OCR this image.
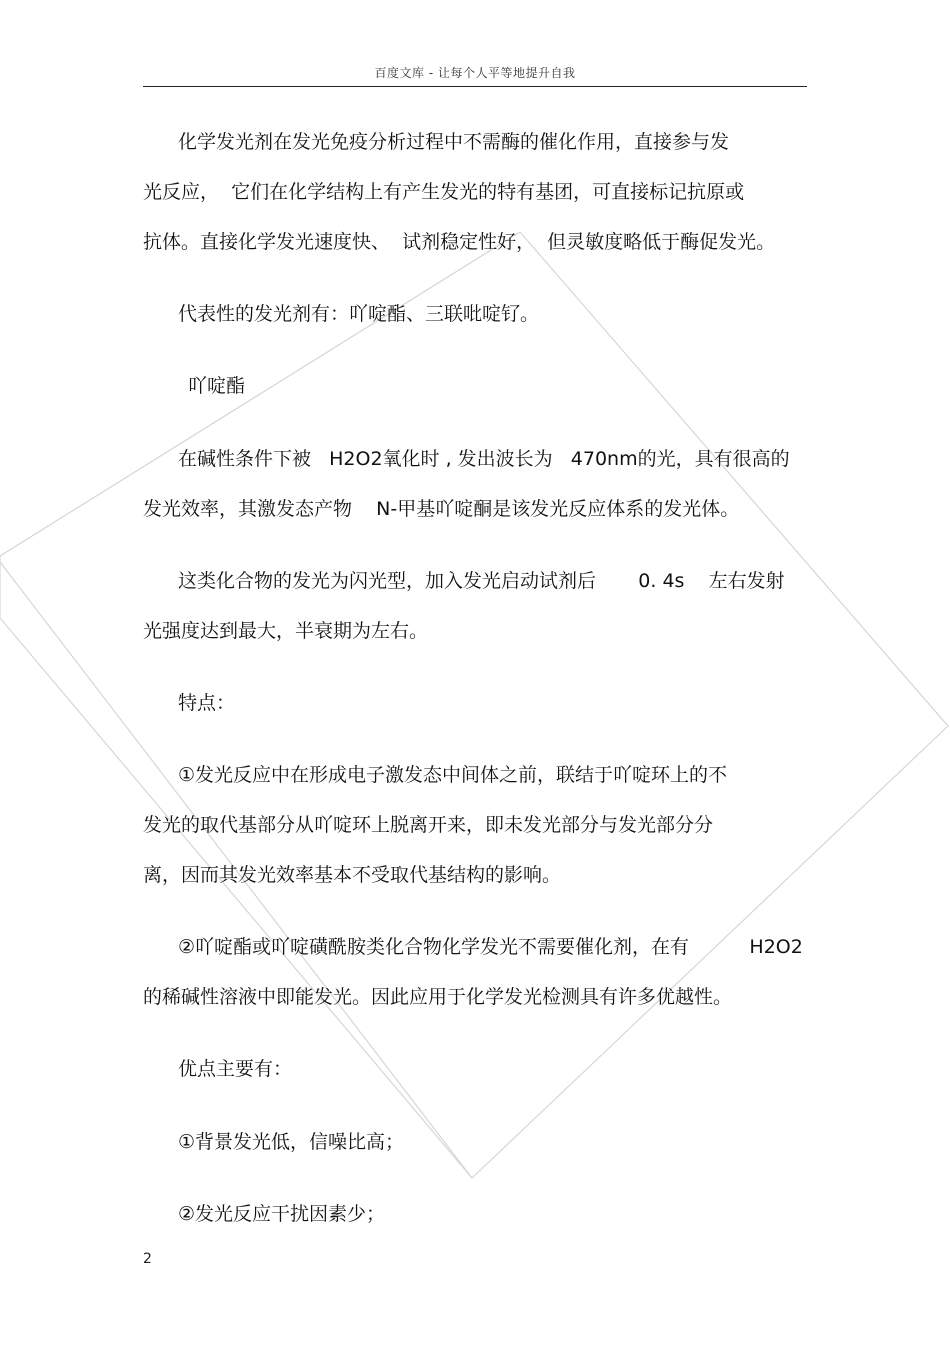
百度文库 - 让每个人平等地提升自我
化学发光剂在发光免疫分析过程中不需酶的催化作用，直接参与发
光反应，  它们在化学结构上有产生发光的特有基团，可直接标记抗原或
抗体。直接化学发光速度快、  试剂稳定性好，  但灵敏度略低于酶促发光。
代表性的发光剂有：吖啶酯、三联吡啶钌。
吖啶酯
在碱性条件下被   H2O2氧化时 , 发出波长为   470nm的光，具有很高的
发光效率，其激发态产物    N-甲基吖啶酮是该发光反应体系的发光体。
这类化合物的发光为闪光型，加入发光启动试剂后       0. 4s    左右发射
光强度达到最大，半衰期为左右。
特点：
①发光反应中在形成电子激发态中间体之前，联结于吖啶环上的不
发光的取代基部分从吖啶环上脱离开来，即未发光部分与发光部分分
离，因而其发光效率基本不受取代基结构的影响。
②吖啶酯或吖啶磺酰胺类化合物化学发光不需要催化剂，在有          H2O2
的稀碱性溶液中即能发光。因此应用于化学发光检测具有许多优越性。
优点主要有：
①背景发光低，信噪比高；
②发光反应干扰因素少；
2
